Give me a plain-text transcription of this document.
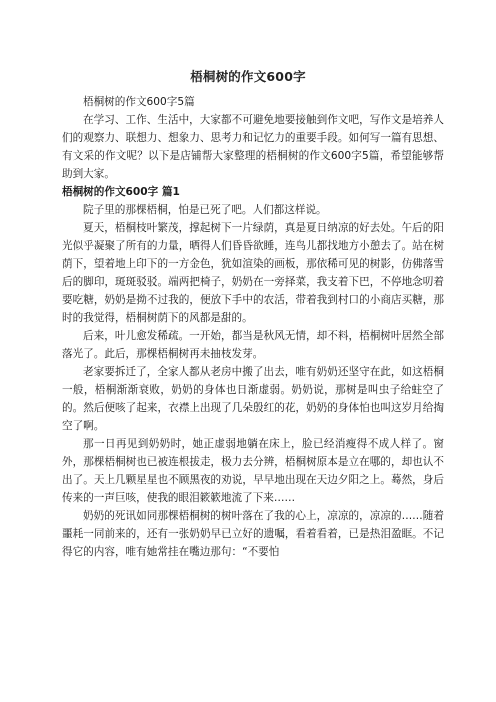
梧桐树的作文600字

梧桐树的作文600字5篇

在学习、工作、生活中，大家都不可避免地要接触到作文吧，写作文是培养人们的观察力、联想力、想象力、思考力和记忆力的重要手段。如何写一篇有思想、有文采的作文呢？以下是店铺帮大家整理的梧桐树的作文600字5篇，希望能够帮助到大家。

梧桐树的作文600字 篇1

院子里的那棵梧桐，怕是已死了吧。人们都这样说。

夏天，梧桐枝叶繁茂，撑起树下一片绿荫，真是夏日纳凉的好去处。午后的阳光似乎凝聚了所有的力量，晒得人们昏昏欲睡，连鸟儿都找地方小憩去了。站在树荫下，望着地上印下的一方金色，犹如渲染的画板，那依稀可见的树影，仿佛落雪后的脚印，斑斑驳驳。端两把椅子，奶奶在一旁择菜，我支着下巴，不停地念叨着要吃糖，奶奶是拗不过我的，便放下手中的农活，带着我到村口的小商店买糖，那时的我觉得，梧桐树荫下的风都是甜的。

后来，叶儿愈发稀疏。一开始，都当是秋风无情，却不料，梧桐树叶居然全部落光了。此后，那棵梧桐树再未抽枝发芽。

老家要拆迁了，全家人都从老房中搬了出去，唯有奶奶还坚守在此，如这梧桐一般，梧桐渐渐衰败，奶奶的身体也日渐虚弱。奶奶说，那树是叫虫子给蛀空了的。然后便咳了起来，衣襟上出现了几朵殷红的花，奶奶的身体怕也叫这岁月给掏空了啊。

那一日再见到奶奶时，她正虚弱地躺在床上，脸已经消瘦得不成人样了。窗外，那棵梧桐树也已被连根拔走，极力去分辨，梧桐树原本是立在哪的，却也认不出了。天上几颗星星也不顾黑夜的劝说，早早地出现在天边夕阳之上。蓦然，身后传来的一声巨咳，使我的眼泪簌簌地流了下来……

奶奶的死讯如同那棵梧桐树的树叶落在了我的心上，凉凉的，凉凉的……随着噩耗一同前来的，还有一张奶奶早已立好的遗嘱，看着看着，已是热泪盈眶。不记得它的内容，唯有她常挂在嘴边那句：“不要怕
